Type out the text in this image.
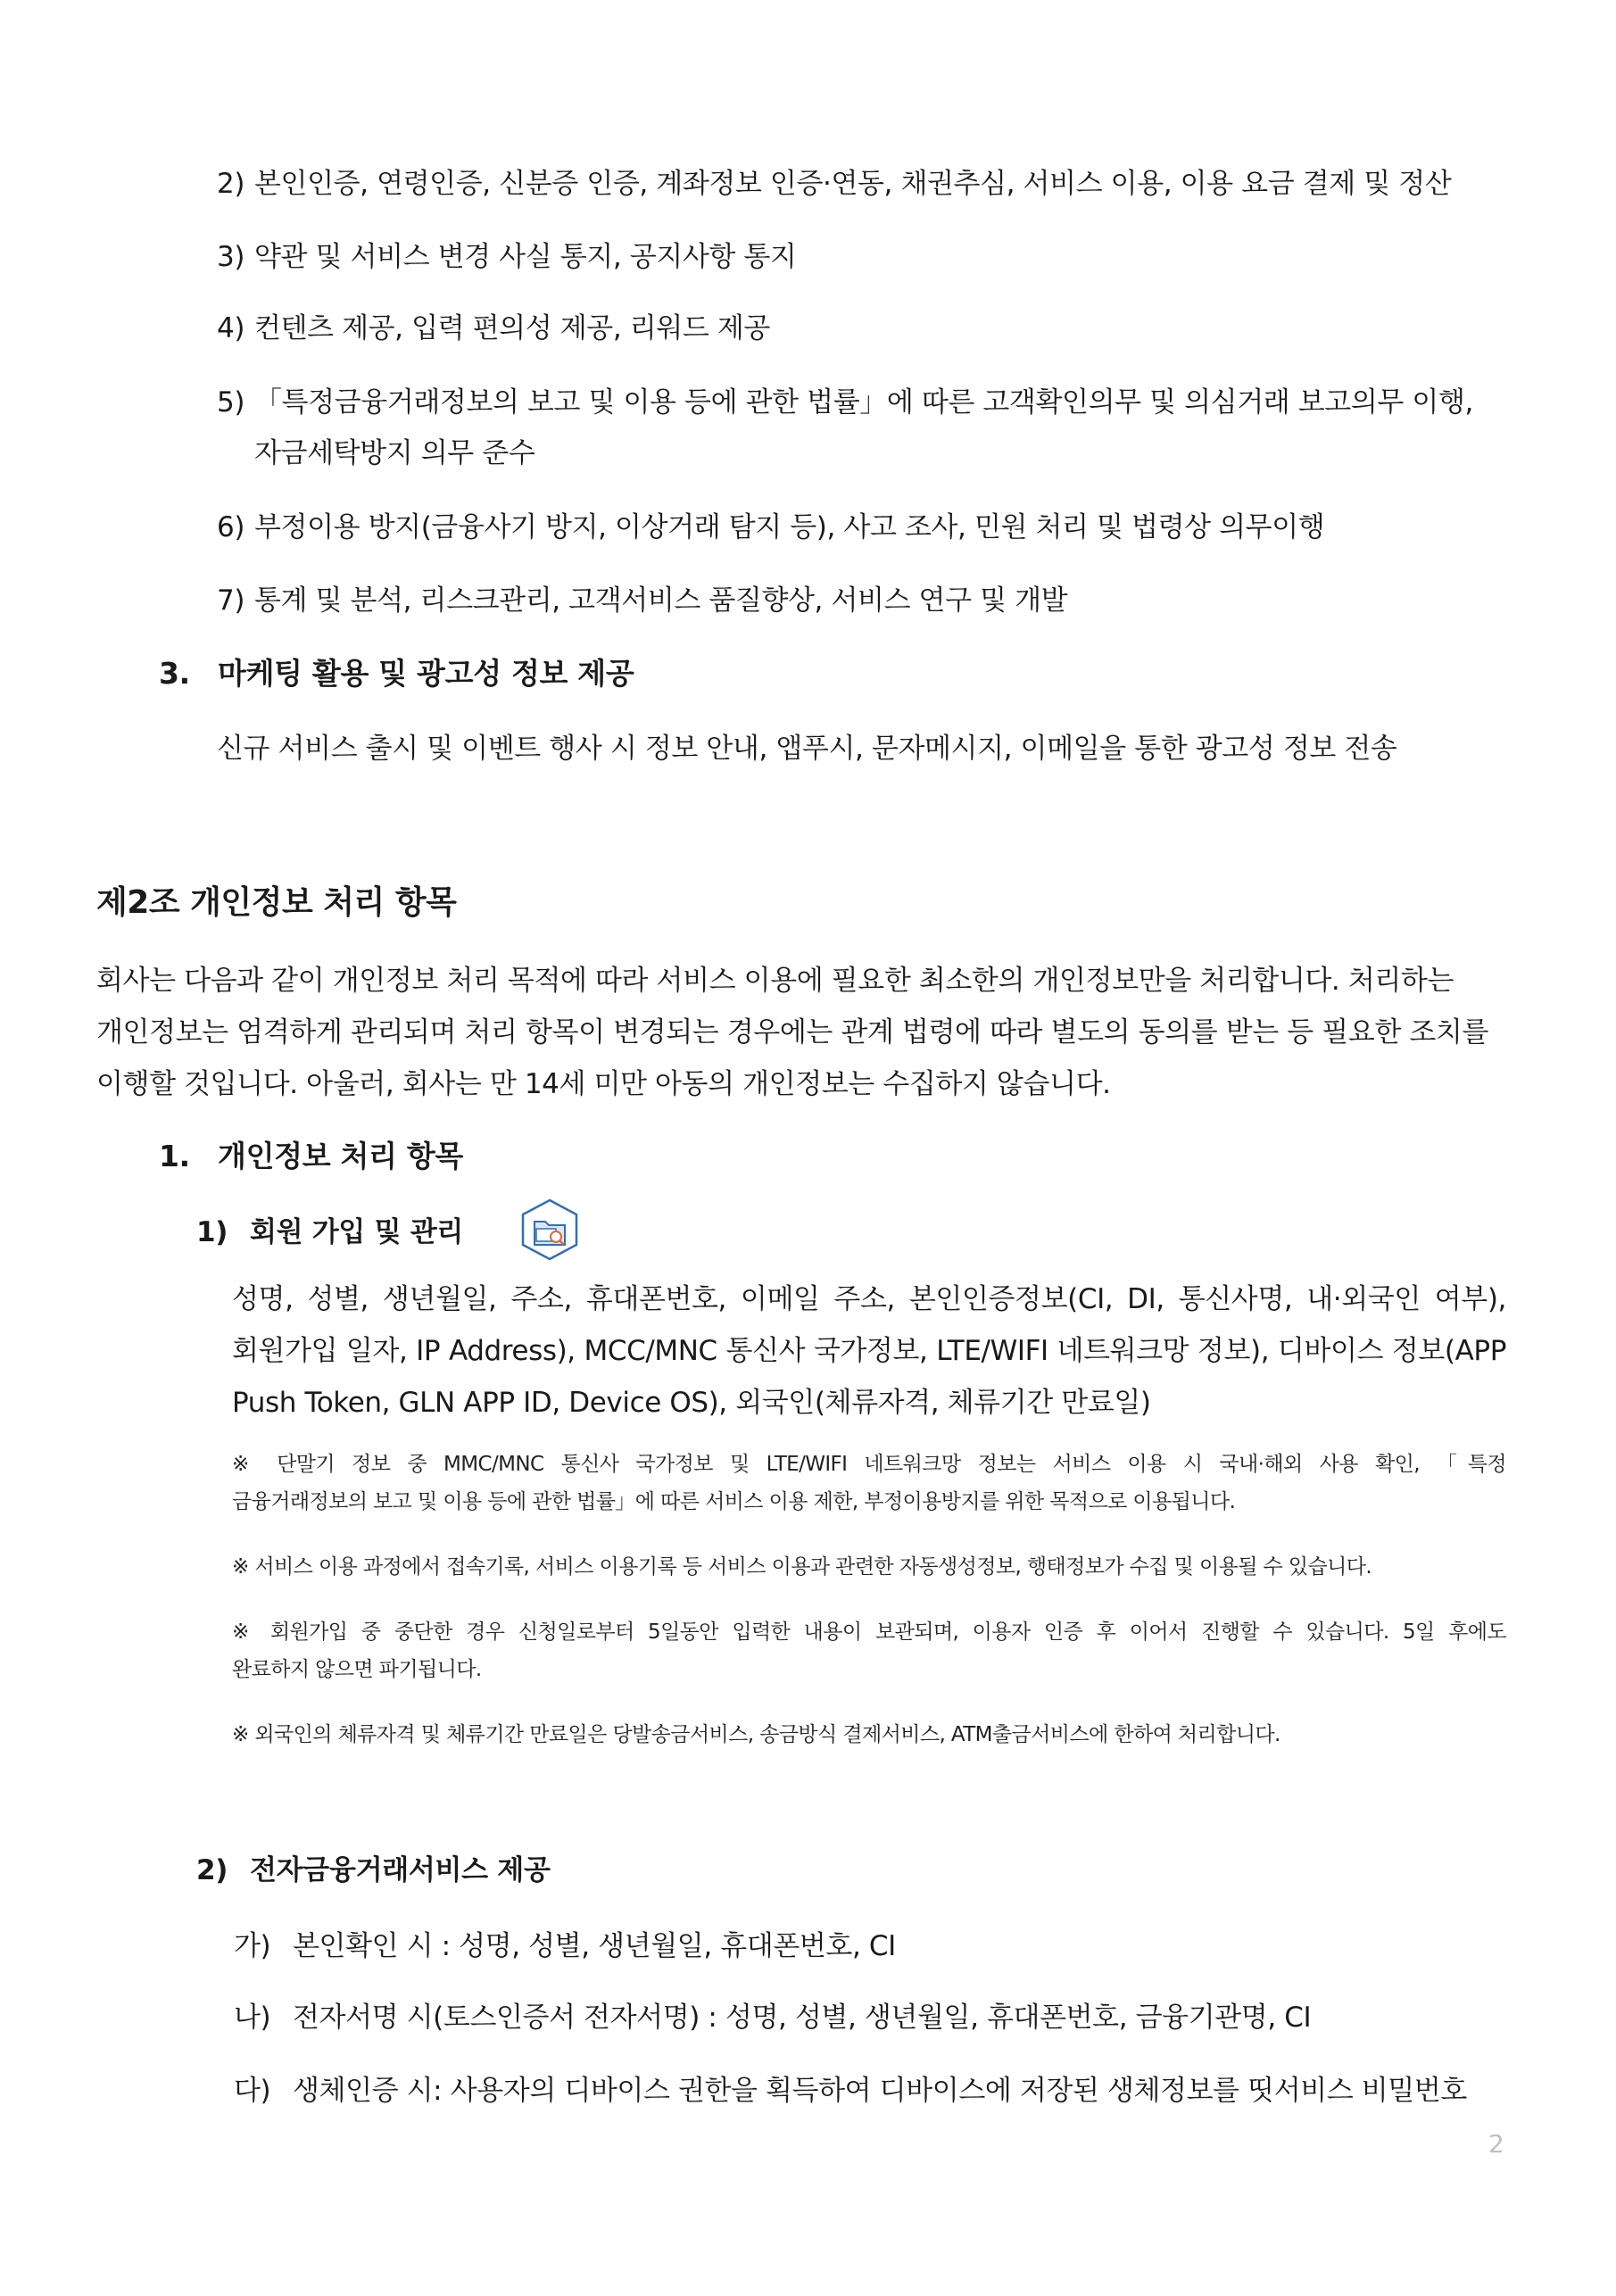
2) 본인인증, 연령인증, 신분증 인증, 계좌정보 인증·연동, 채권추심, 서비스 이용, 이용 요금 결제 및 정산
3) 약관 및 서비스 변경 사실 통지, 공지사항 통지
4) 컨텐츠 제공, 입력 편의성 제공, 리워드 제공
5) 「특정금융거래정보의 보고 및 이용 등에 관한 법률」에 따른 고객확인의무 및 의심거래 보고의무 이행,
자금세탁방지 의무 준수
6) 부정이용 방지(금융사기 방지, 이상거래 탐지 등), 사고 조사, 민원 처리 및 법령상 의무이행
7) 통계 및 분석, 리스크관리, 고객서비스 품질향상, 서비스 연구 및 개발
3. 마케팅 활용 및 광고성 정보 제공
신규 서비스 출시 및 이벤트 행사 시 정보 안내, 앱푸시, 문자메시지, 이메일을 통한 광고성 정보 전송
제2조 개인정보 처리 항목
회사는 다음과 같이 개인정보 처리 목적에 따라 서비스 이용에 필요한 최소한의 개인정보만을 처리합니다. 처리하는
개인정보는 엄격하게 관리되며 처리 항목이 변경되는 경우에는 관계 법령에 따라 별도의 동의를 받는 등 필요한 조치를
이행할 것입니다. 아울러, 회사는 만 14세 미만 아동의 개인정보는 수집하지 않습니다.
1. 개인정보 처리 항목
1) 회원 가입 및 관리
성명, 성별, 생년월일, 주소, 휴대폰번호, 이메일 주소, 본인인증정보(CI, DI, 통신사명, 내·외국인 여부),
회원가입 일자, IP Address), MCC/MNC 통신사 국가정보, LTE/WIFI 네트워크망 정보), 디바이스 정보(APP
Push Token, GLN APP ID, Device OS), 외국인(체류자격, 체류기간 만료일)
※ 단말기 정보 중 MMC/MNC 통신사 국가정보 및 LTE/WIFI 네트워크망 정보는 서비스 이용 시 국내·해외 사용 확인, 「특정
금융거래정보의 보고 및 이용 등에 관한 법률」에 따른 서비스 이용 제한, 부정이용방지를 위한 목적으로 이용됩니다.
※ 서비스 이용 과정에서 접속기록, 서비스 이용기록 등 서비스 이용과 관련한 자동생성정보, 행태정보가 수집 및 이용될 수 있습니다.
※ 회원가입 중 중단한 경우 신청일로부터 5일동안 입력한 내용이 보관되며, 이용자 인증 후 이어서 진행할 수 있습니다. 5일 후에도
완료하지 않으면 파기됩니다.
※ 외국인의 체류자격 및 체류기간 만료일은 당발송금서비스, 송금방식 결제서비스, ATM출금서비스에 한하여 처리합니다.
2) 전자금융거래서비스 제공
가) 본인확인 시 : 성명, 성별, 생년월일, 휴대폰번호, CI
나) 전자서명 시(토스인증서 전자서명) : 성명, 성별, 생년월일, 휴대폰번호, 금융기관명, CI
다) 생체인증 시: 사용자의 디바이스 권한을 획득하여 디바이스에 저장된 생체정보를 띳서비스 비밀번호
2
